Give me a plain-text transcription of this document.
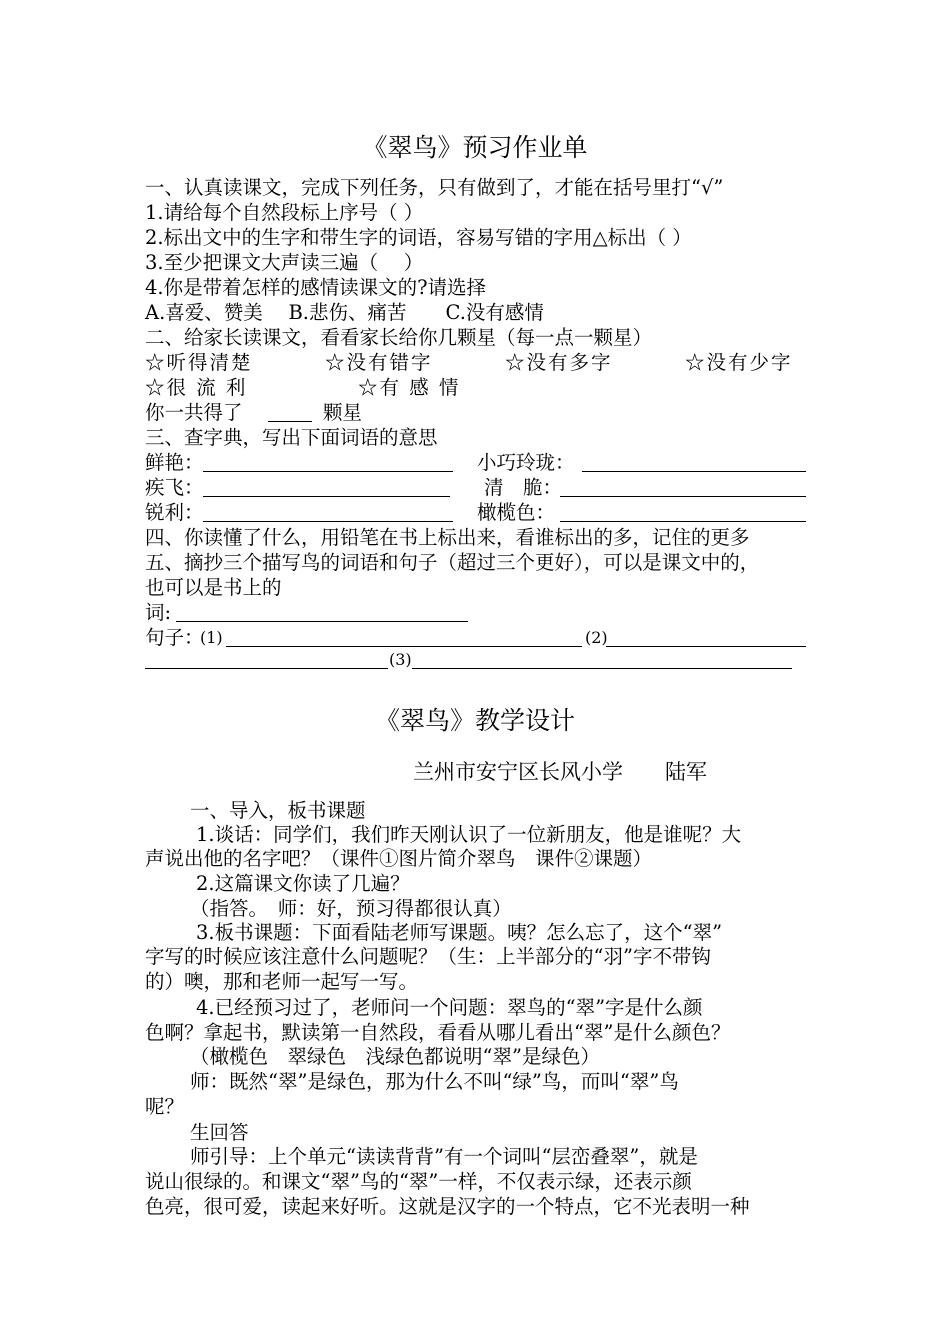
《翠鸟》预习作业单
一、认真读课文，完成下列任务，只有做到了，才能在括号里打“√”
1.请给每个自然段标上序号（ ）
2.标出文中的生字和带生字的词语，容易写错的字用△标出（ ）
3.至少把课文大声读三遍（　 ）
4.你是带着怎样的感情读课文的?请选择
A.喜爱、赞美　 B.悲伤、痛苦　　C.没有感情
二、给家长读课文，看看家长给你几颗星（每一点一颗星）
☆听得清楚	☆没有错字	☆没有多字	☆没有少字
☆很 流 利	☆有 感 情
你一共得了	颗星
三、查字典，写出下面词语的意思
鲜艳：	小巧玲珑：
疾飞：	清　脆：
锐利：	橄榄色：
四、你读懂了什么，用铅笔在书上标出来，看谁标出的多，记住的更多
五、摘抄三个描写鸟的词语和句子（超过三个更好），可以是课文中的，
也可以是书上的
词:
句子：
(1)	(2)
(3)
《翠鸟》教学设计
兰州市安宁区长风小学　　陆军
一、导入，板书课题
1.谈话：同学们，我们昨天刚认识了一位新朋友，他是谁呢？大
声说出他的名字吧？（课件①图片简介翠鸟　课件②课题）
2.这篇课文你读了几遍？
（指答。　师：好，预习得都很认真）
3.板书课题：下面看陆老师写课题。咦？怎么忘了，这个“翠”
字写的时候应该注意什么问题呢？（生：上半部分的“羽”字不带钩
的）噢，那和老师一起写一写。
4.已经预习过了，老师问一个问题：翠鸟的“翠”字是什么颜
色啊？拿起书，默读第一自然段，看看从哪儿看出“翠”是什么颜色？
（橄榄色　翠绿色　浅绿色都说明“翠”是绿色）
师：既然“翠”是绿色，那为什么不叫“绿”鸟，而叫“翠”鸟
呢？
生回答
师引导：上个单元“读读背背”有一个词叫“层峦叠翠”，就是
说山很绿的。和课文“翠”鸟的“翠”一样，不仅表示绿，还表示颜
色亮，很可爱，读起来好听。这就是汉字的一个特点，它不光表明一种
